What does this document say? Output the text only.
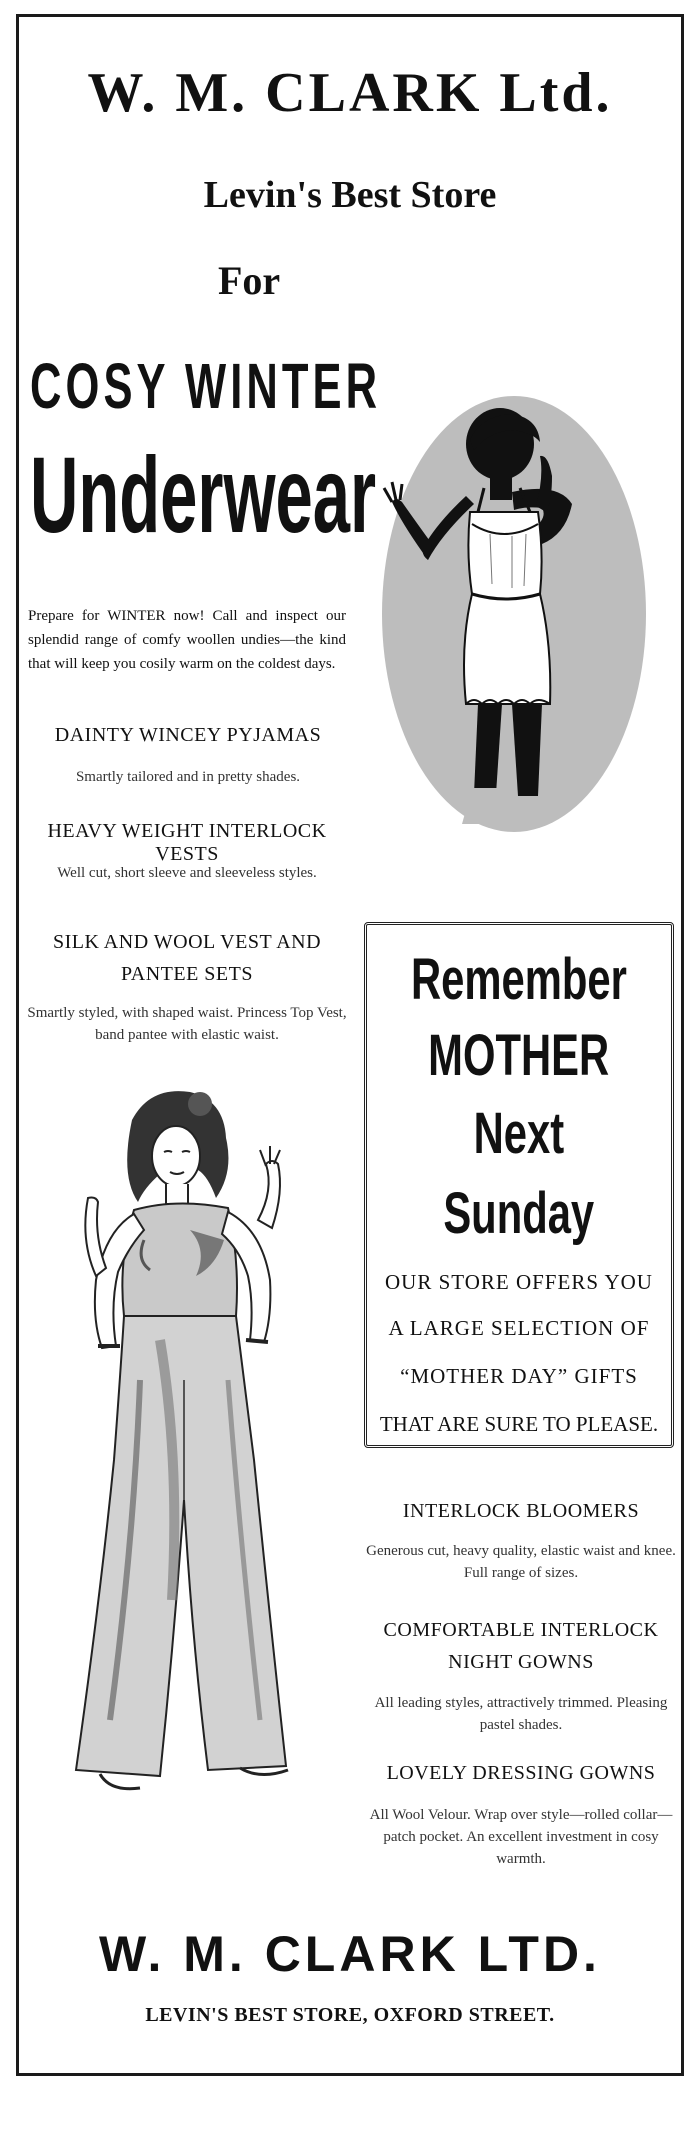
W. M. CLARK Ltd.
Levin's Best Store
For
COSY WINTER
Underwear

Prepare for WINTER now! Call and inspect our splendid range of comfy woollen undies—the kind that will keep you cosily warm on the coldest days.

DAINTY WINCEY PYJAMAS
Smartly tailored and in pretty shades.
HEAVY WEIGHT INTERLOCK VESTS
Well cut, short sleeve and sleeveless styles.
SILK AND WOOL VEST AND PANTEE SETS
Smartly styled, with shaped waist. Princess Top Vest, band pantee with elastic waist.
Remember
MOTHER
Next
Sunday
OUR STORE OFFERS YOU
A LARGE SELECTION OF
“MOTHER DAY” GIFTS
THAT ARE SURE TO PLEASE.
INTERLOCK BLOOMERS
Generous cut, heavy quality, elastic waist and knee. Full range of sizes.
COMFORTABLE INTERLOCK NIGHT GOWNS
All leading styles, attractively trimmed. Pleasing pastel shades.
LOVELY DRESSING GOWNS
All Wool Velour. Wrap over style—rolled collar—patch pocket. An excellent investment in cosy warmth.
W. M. CLARK LTD.
LEVIN'S BEST STORE, OXFORD STREET.
